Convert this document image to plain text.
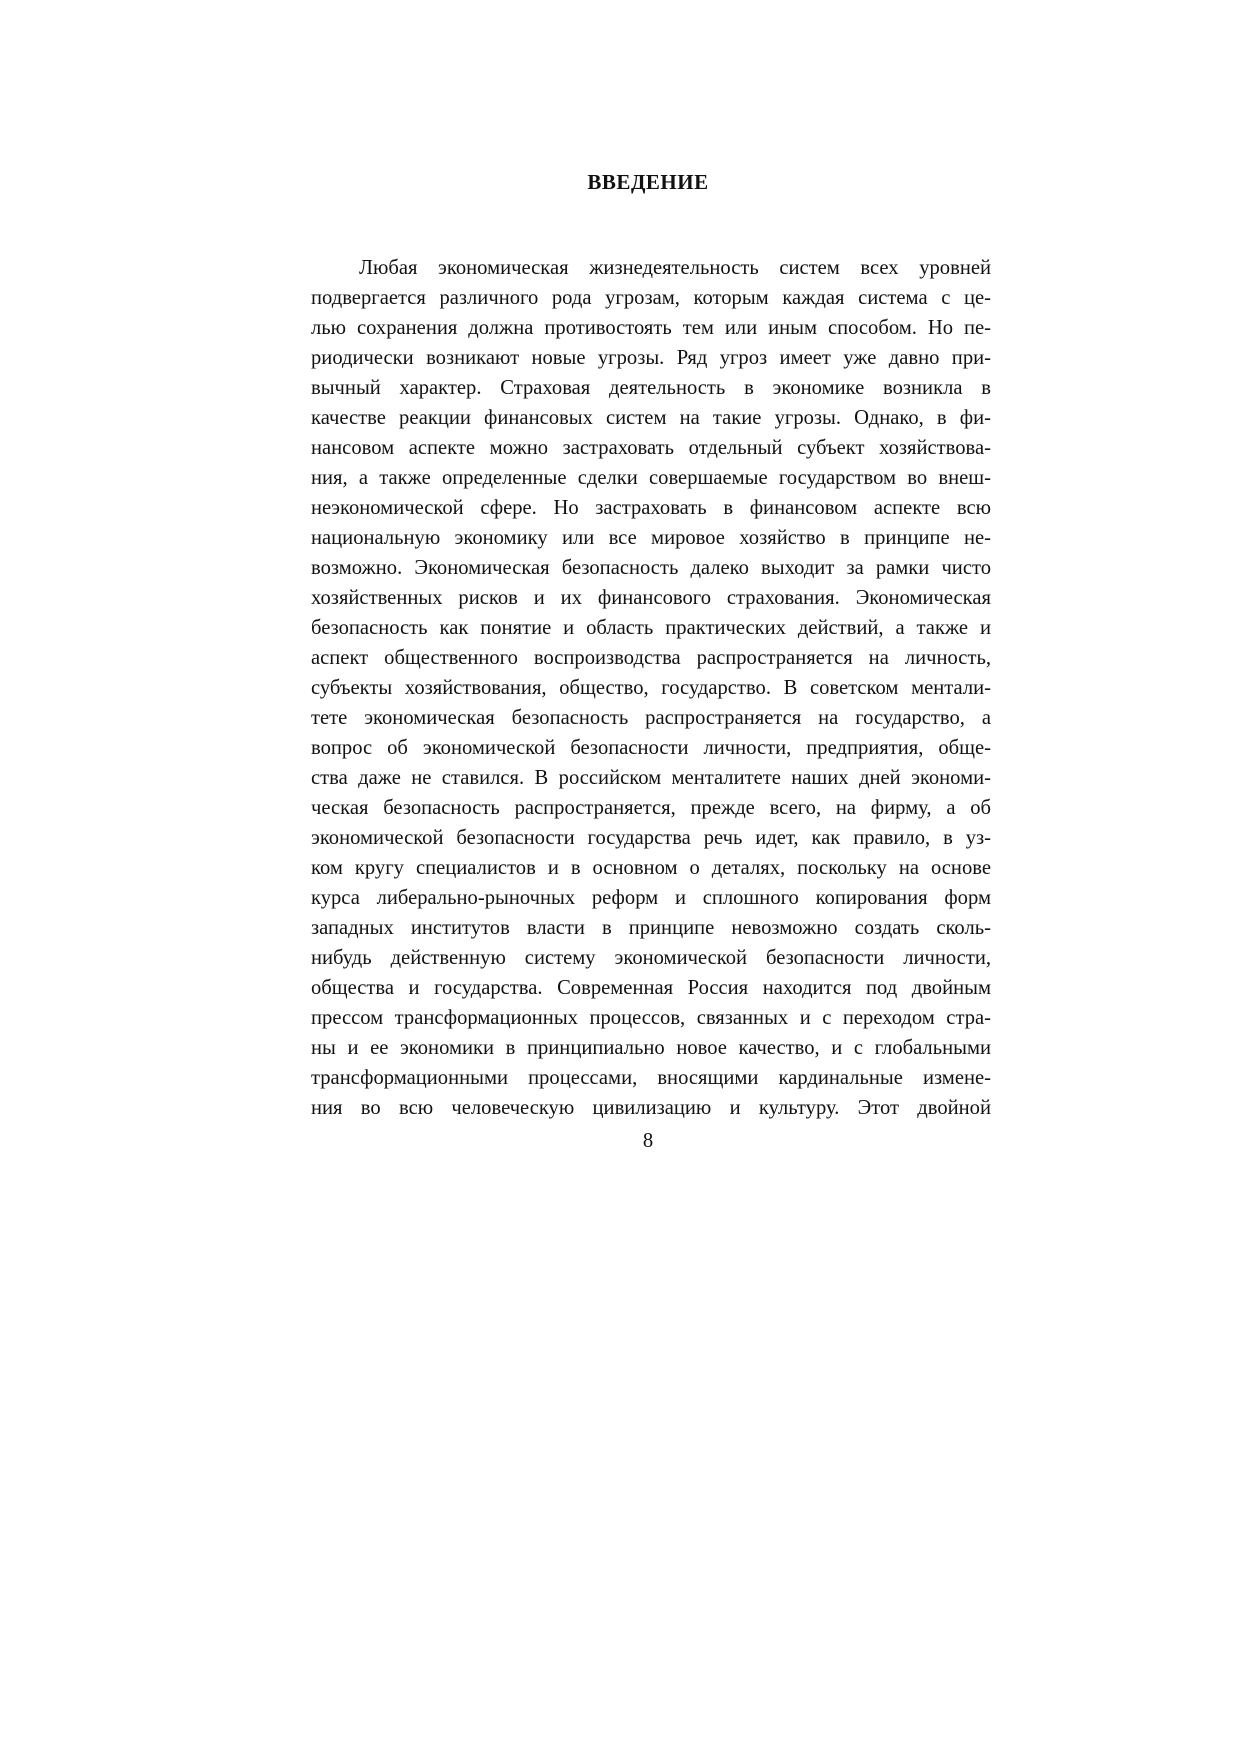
ВВЕДЕНИЕ
Любая экономическая жизнедеятельность систем всех уровней
подвергается различного рода угрозам, которым каждая система с це-
лью сохранения должна противостоять тем или иным способом. Но пе-
риодически возникают новые угрозы. Ряд угроз имеет уже давно при-
вычный характер. Страховая деятельность в экономике возникла в
качестве реакции финансовых систем на такие угрозы. Однако, в фи-
нансовом аспекте можно застраховать отдельный субъект хозяйствова-
ния, а также определенные сделки совершаемые государством во внеш-
неэкономической сфере. Но застраховать в финансовом аспекте всю
национальную экономику или все мировое хозяйство в принципе не-
возможно. Экономическая безопасность далеко выходит за рамки чисто
хозяйственных рисков и их финансового страхования. Экономическая
безопасность как понятие и область практических действий, а также и
аспект общественного воспроизводства распространяется на личность,
субъекты хозяйствования, общество, государство. В советском ментали-
тете экономическая безопасность распространяется на государство, а
вопрос об экономической безопасности личности, предприятия, общe-
ства даже не ставился. В российском менталитете наших дней экономи-
ческая безопасность распространяется, прежде всего, на фирму, а об
экономической безопасности государства речь идет, как правило, в уз-
ком кругу специалистов и в основном о деталях, поскольку на основе
курса либерально-рыночных реформ и сплошного копирования форм
западных институтов власти в принципе невозможно создать сколь-
нибудь действенную систему экономической безопасности личности,
общества и государства. Современная Россия находится под двойным
прессом трансформационных процессов, связанных и с переходом стра-
ны и ее экономики в принципиально новое качество, и с глобальными
трансформационными процессами, вносящими кардинальные измене-
ния во всю человеческую цивилизацию и культуру. Этот двойной
8
